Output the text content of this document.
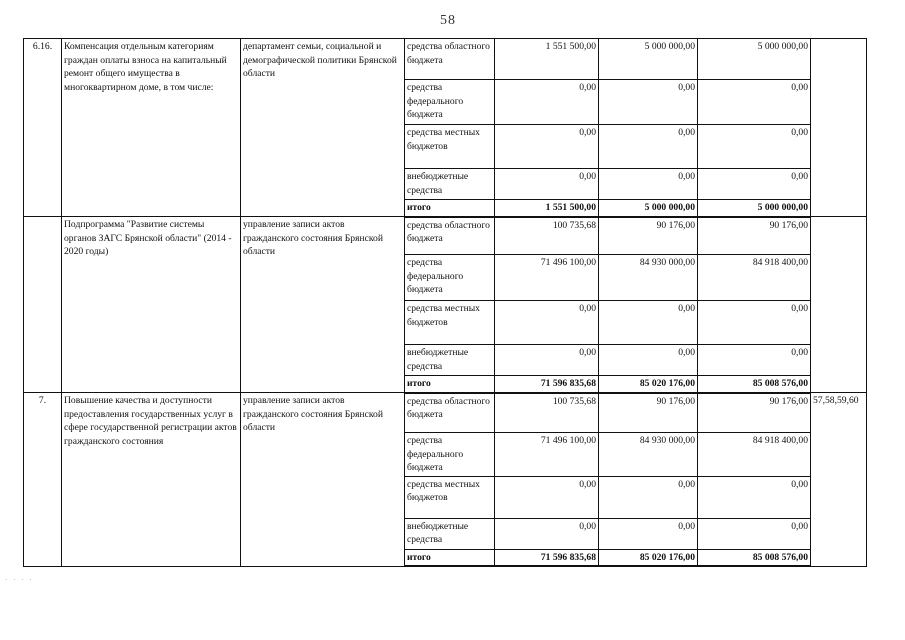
58
6.16.	Компенсация отдельным категориям граждан оплаты взноса на капитальный ремонт общего имущества в многоквартирном доме, в том числе:	департамент семьи, социальной и демографической политики Брянской области	средства областного бюджета	1 551 500,00	5 000 000,00	5 000 000,00	
			средства федерального бюджета	0,00	0,00	0,00	
			средства местных бюджетов	0,00	0,00	0,00	
			внебюджетные средства	0,00	0,00	0,00	
			итого	1 551 500,00	5 000 000,00	5 000 000,00	
	Подпрограмма "Развитие системы органов ЗАГС Брянской области" (2014 - 2020 годы)	управление записи актов гражданского состояния Брянской области	средства областного бюджета	100 735,68	90 176,00	90 176,00	
			средства федерального бюджета	71 496 100,00	84 930 000,00	84 918 400,00	
			средства местных бюджетов	0,00	0,00	0,00	
			внебюджетные средства	0,00	0,00	0,00	
			итого	71 596 835,68	85 020 176,00	85 008 576,00	
7.	Повышение качества и доступности предоставления государственных услуг в сфере государственной регистрации актов гражданского состояния	управление записи актов гражданского состояния Брянской области	средства областного бюджета	100 735,68	90 176,00	90 176,00	57,58,59,60
			средства федерального бюджета	71 496 100,00	84 930 000,00	84 918 400,00	
			средства местных бюджетов	0,00	0,00	0,00	
			внебюджетные средства	0,00	0,00	0,00	
			итого	71 596 835,68	85 020 176,00	85 008 576,00	
· · · ·
